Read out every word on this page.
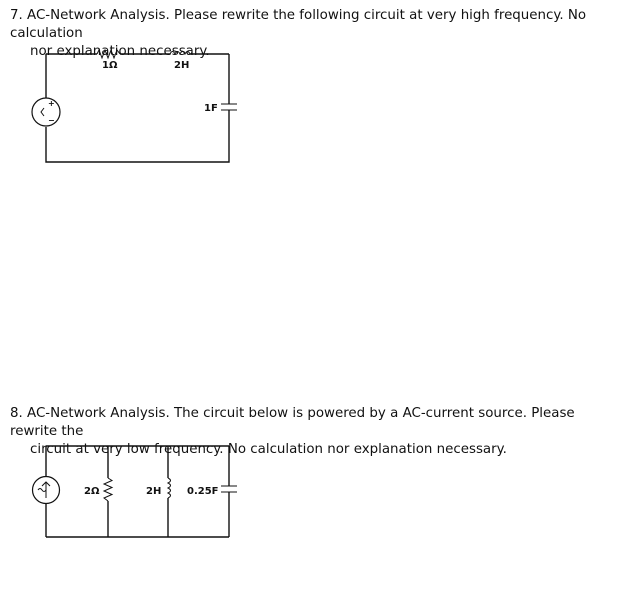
7. AC-Network Analysis. Please rewrite the following circuit at very high frequency. No calculation
nor explanation necessary.

1Ω	2H
1F
+
−

8. AC-Network Analysis. The circuit below is powered by a AC-current source. Please rewrite the
circuit at very low frequency. No calculation nor explanation necessary.

2Ω	2H	0.25F
